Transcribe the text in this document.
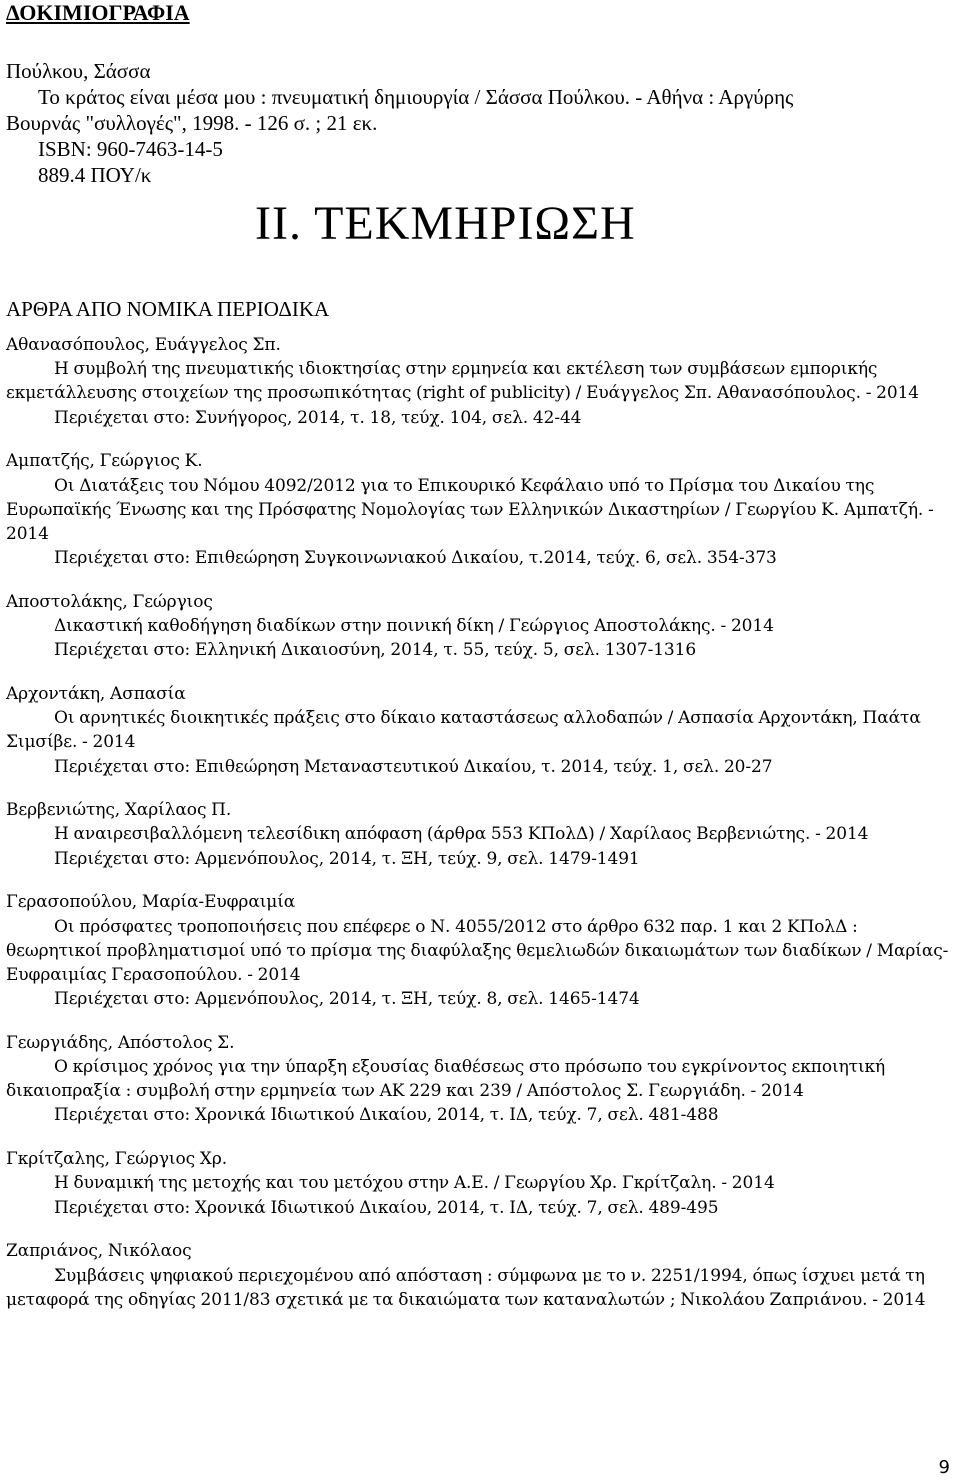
ΔΟΚΙΜΙΟΓΡΑΦΙΑ
Πούλκου, Σάσσα
Το κράτος είναι μέσα μου : πνευματική δημιουργία / Σάσσα Πούλκου. - Αθήνα : Αργύρης
Βουρνάς "συλλογές", 1998. - 126 σ. ; 21 εκ.
ISBN: 960-7463-14-5
889.4 ΠΟΥ/κ
ΙΙ. ΤΕΚΜΗΡΙΩΣΗ
ΑΡΘΡΑ ΑΠΟ ΝΟΜΙΚΑ ΠΕΡΙΟΔΙΚΑ
Αθανασόπουλος, Ευάγγελος Σπ.
Η συμβολή της πνευματικής ιδιοκτησίας στην ερμηνεία και εκτέλεση των συμβάσεων εμπορικής εκμετάλλευσης στοιχείων της προσωπικότητας (right of publicity) / Ευάγγελος Σπ. Αθανασόπουλος. - 2014
Περιέχεται στο: Συνήγορος, 2014, τ. 18, τεύχ. 104, σελ. 42-44
Αμπατζής, Γεώργιος Κ.
Οι Διατάξεις του Νόμου 4092/2012 για το Επικουρικό Κεφάλαιο υπό το Πρίσμα του Δικαίου της Ευρωπαϊκής Ένωσης και της Πρόσφατης Νομολογίας των Ελληνικών Δικαστηρίων / Γεωργίου Κ. Αμπατζή. - 2014
Περιέχεται στο: Επιθεώρηση Συγκοινωνιακού Δικαίου, τ.2014, τεύχ. 6, σελ. 354-373
Αποστολάκης, Γεώργιος
Δικαστική καθοδήγηση διαδίκων στην ποινική δίκη / Γεώργιος Αποστολάκης. - 2014
Περιέχεται στο: Ελληνική Δικαιοσύνη, 2014, τ. 55, τεύχ. 5, σελ. 1307-1316
Αρχοντάκη, Ασπασία
Οι αρνητικές διοικητικές πράξεις στο δίκαιο καταστάσεως αλλοδαπών / Ασπασία Αρχοντάκη, Παάτα Σιμσίβε. - 2014
Περιέχεται στο: Επιθεώρηση Μεταναστευτικού Δικαίου, τ. 2014, τεύχ. 1, σελ. 20-27
Βερβενιώτης, Χαρίλαος Π.
Η αναιρεσιβαλλόμενη τελεσίδικη απόφαση (άρθρα 553 ΚΠολΔ) / Χαρίλαος Βερβενιώτης. - 2014
Περιέχεται στο: Αρμενόπουλος, 2014, τ. ΞΗ, τεύχ. 9, σελ. 1479-1491
Γερασοπούλου, Μαρία-Ευφραιμία
Οι πρόσφατες τροποποιήσεις που επέφερε ο Ν. 4055/2012 στο άρθρο 632 παρ. 1 και 2 ΚΠολΔ : θεωρητικοί προβληματισμοί υπό το πρίσμα της διαφύλαξης θεμελιωδών δικαιωμάτων των διαδίκων / Μαρίας-Ευφραιμίας Γερασοπούλου. - 2014
Περιέχεται στο: Αρμενόπουλος, 2014, τ. ΞΗ, τεύχ. 8, σελ. 1465-1474
Γεωργιάδης, Απόστολος Σ.
Ο κρίσιμος χρόνος για την ύπαρξη εξουσίας διαθέσεως στο πρόσωπο του εγκρίνοντος εκποιητική δικαιοπραξία : συμβολή στην ερμηνεία των ΑΚ 229 και 239 / Απόστολος Σ. Γεωργιάδη. - 2014
Περιέχεται στο: Χρονικά Ιδιωτικού Δικαίου, 2014, τ. ΙΔ, τεύχ. 7, σελ. 481-488
Γκρίτζαλης, Γεώργιος Χρ.
Η δυναμική της μετοχής και του μετόχου στην Α.Ε. / Γεωργίου Χρ. Γκρίτζαλη. - 2014
Περιέχεται στο: Χρονικά Ιδιωτικού Δικαίου, 2014, τ. ΙΔ, τεύχ. 7, σελ. 489-495
Ζαπριάνος, Νικόλαος
Συμβάσεις ψηφιακού περιεχομένου από απόσταση : σύμφωνα με το ν. 2251/1994, όπως ίσχυει μετά τη μεταφορά της οδηγίας 2011/83 σχετικά με τα δικαιώματα των καταναλωτών ; Νικολάου Ζαπριάνου. - 2014
9
